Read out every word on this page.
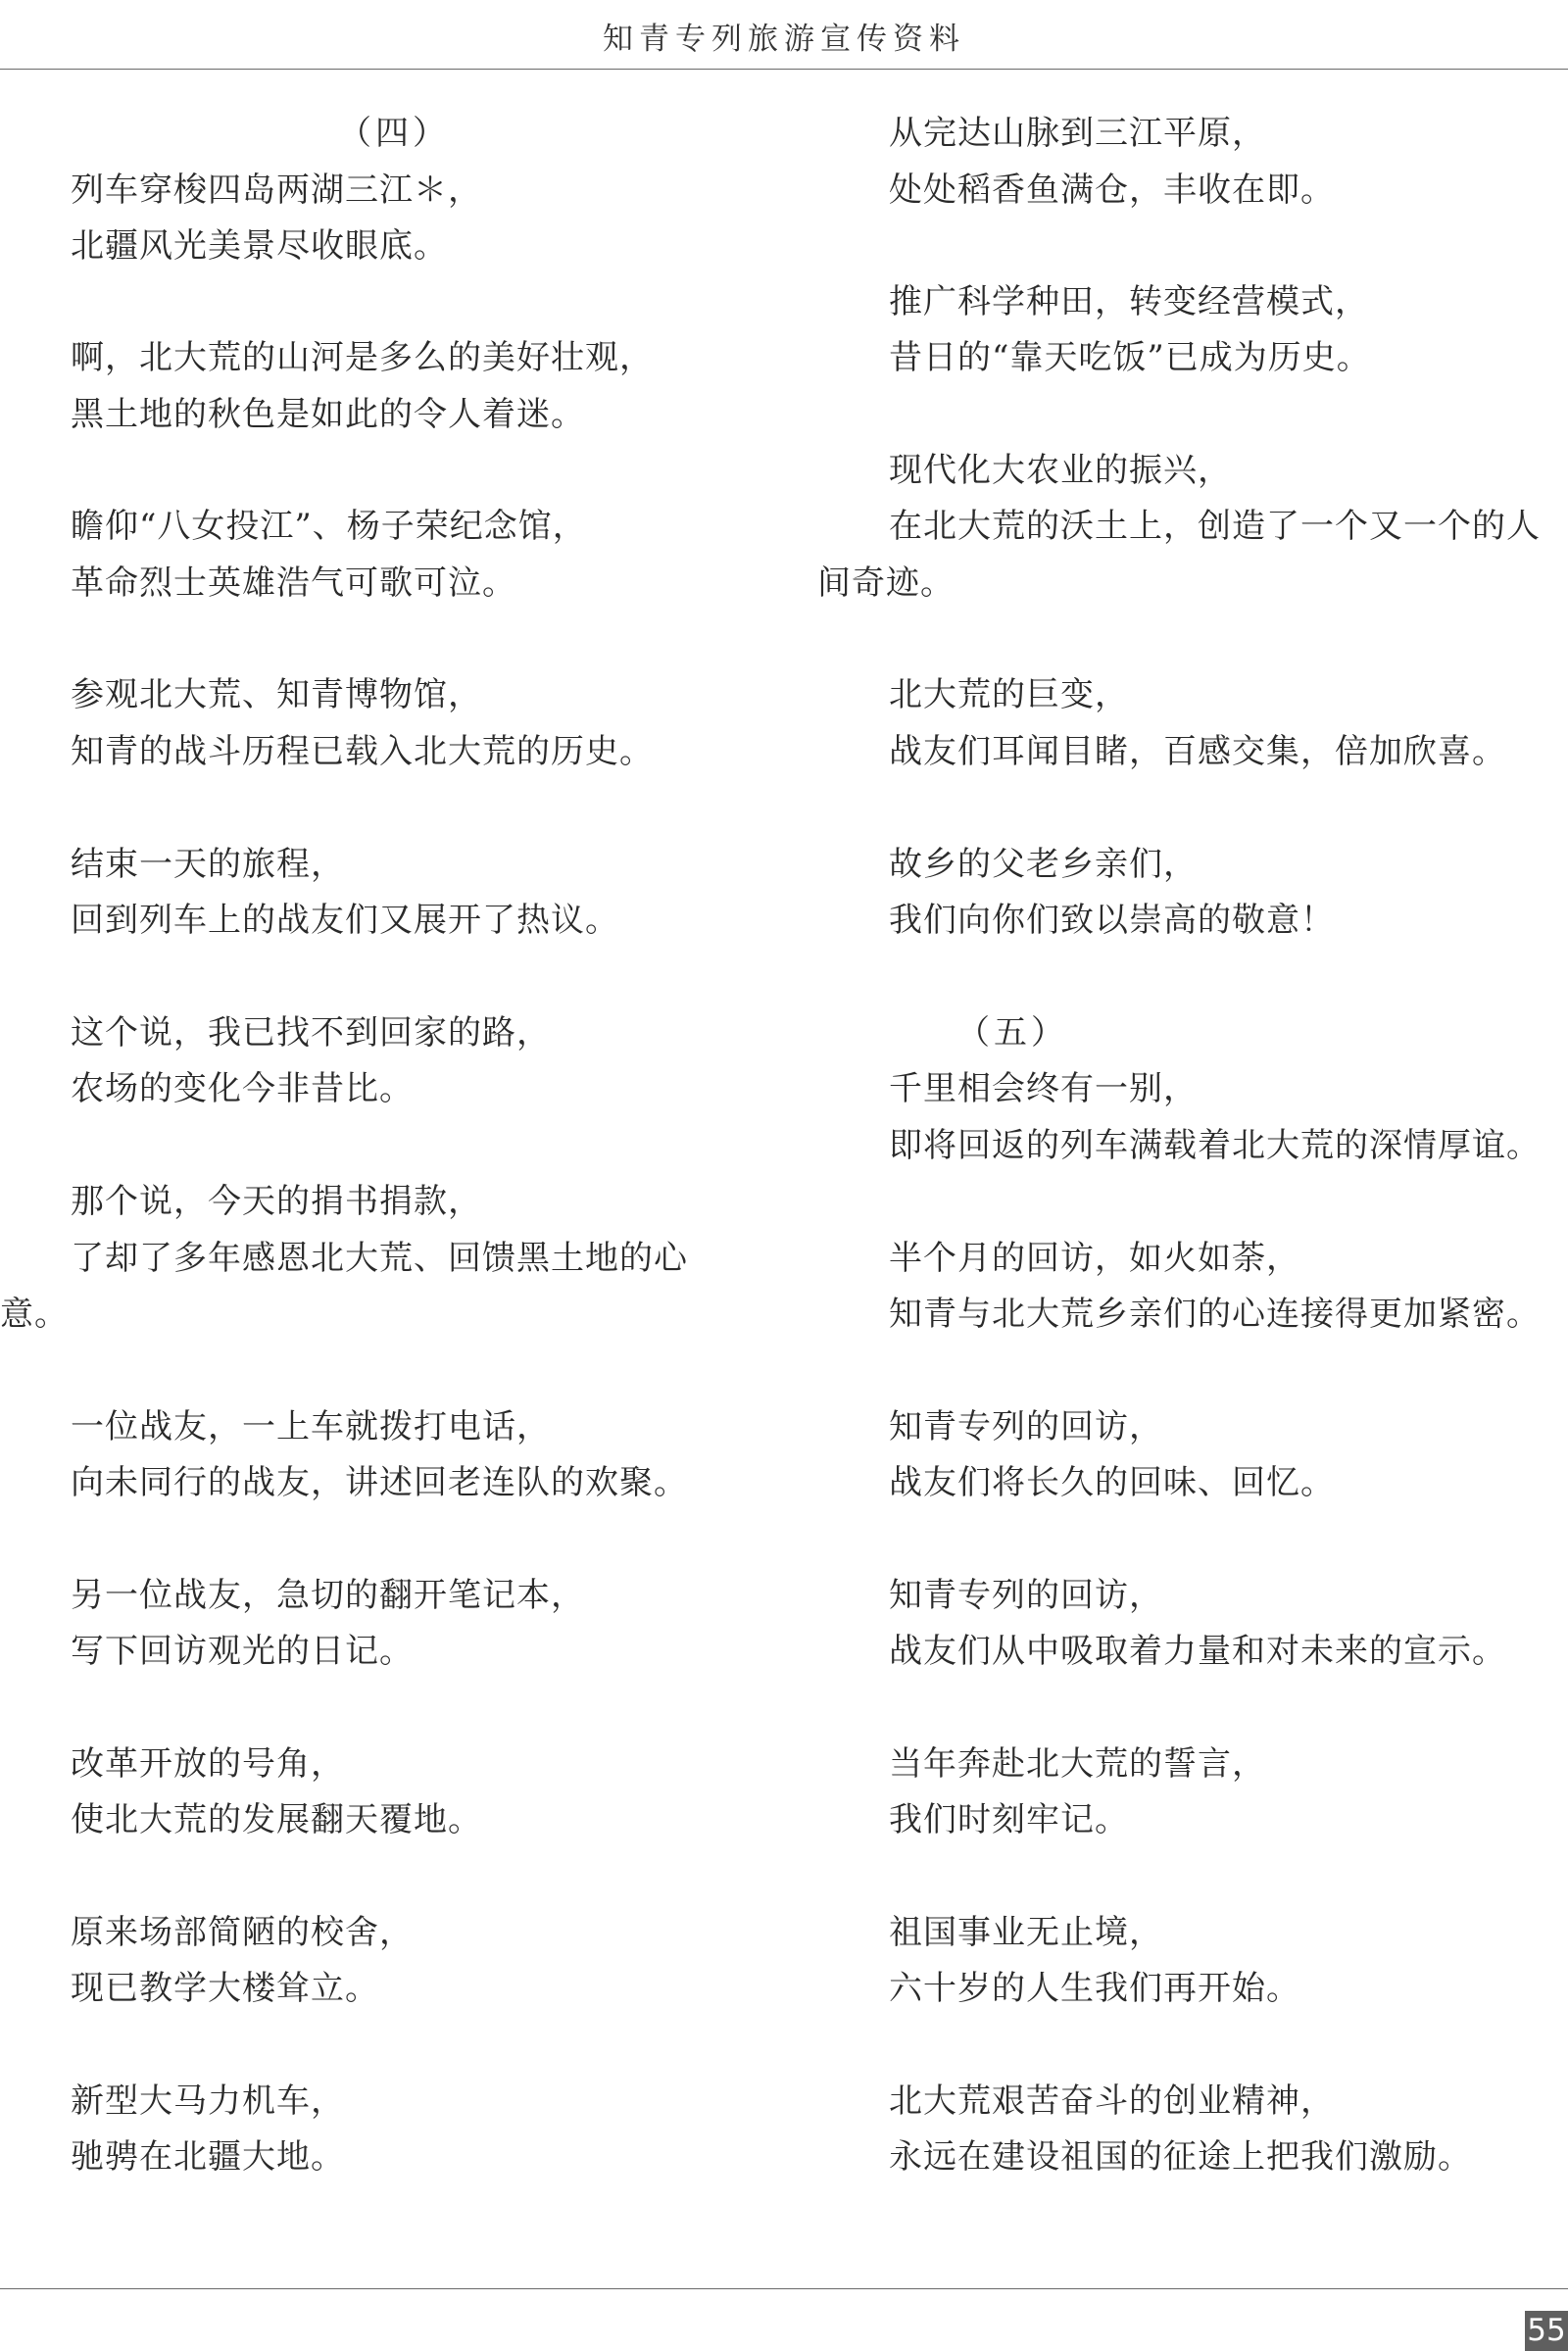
知青专列旅游宣传资料
（四）
列车穿梭四岛两湖三江＊，
北疆风光美景尽收眼底。
啊，北大荒的山河是多么的美好壮观，
黑土地的秋色是如此的令人着迷。
瞻仰“八女投江”、杨子荣纪念馆，
革命烈士英雄浩气可歌可泣。
参观北大荒、知青博物馆，
知青的战斗历程已载入北大荒的历史。
结束一天的旅程，
回到列车上的战友们又展开了热议。
这个说，我已找不到回家的路，
农场的变化今非昔比。
那个说，今天的捐书捐款，
了却了多年感恩北大荒、回馈黑土地的心
意。
一位战友，一上车就拨打电话，
向未同行的战友，讲述回老连队的欢聚。
另一位战友，急切的翻开笔记本，
写下回访观光的日记。
改革开放的号角，
使北大荒的发展翻天覆地。
原来场部简陋的校舍，
现已教学大楼耸立。
新型大马力机车，
驰骋在北疆大地。
从完达山脉到三江平原，
处处稻香鱼满仓，丰收在即。
推广科学种田，转变经营模式，
昔日的“靠天吃饭”已成为历史。
现代化大农业的振兴，
在北大荒的沃土上，创造了一个又一个的人
间奇迹。
北大荒的巨变，
战友们耳闻目睹，百感交集，倍加欣喜。
故乡的父老乡亲们，
我们向你们致以崇高的敬意！
（五）
千里相会终有一别，
即将回返的列车满载着北大荒的深情厚谊。
半个月的回访，如火如荼，
知青与北大荒乡亲们的心连接得更加紧密。
知青专列的回访，
战友们将长久的回味、回忆。
知青专列的回访，
战友们从中吸取着力量和对未来的宣示。
当年奔赴北大荒的誓言，
我们时刻牢记。
祖国事业无止境，
六十岁的人生我们再开始。
北大荒艰苦奋斗的创业精神，
永远在建设祖国的征途上把我们激励。
55
